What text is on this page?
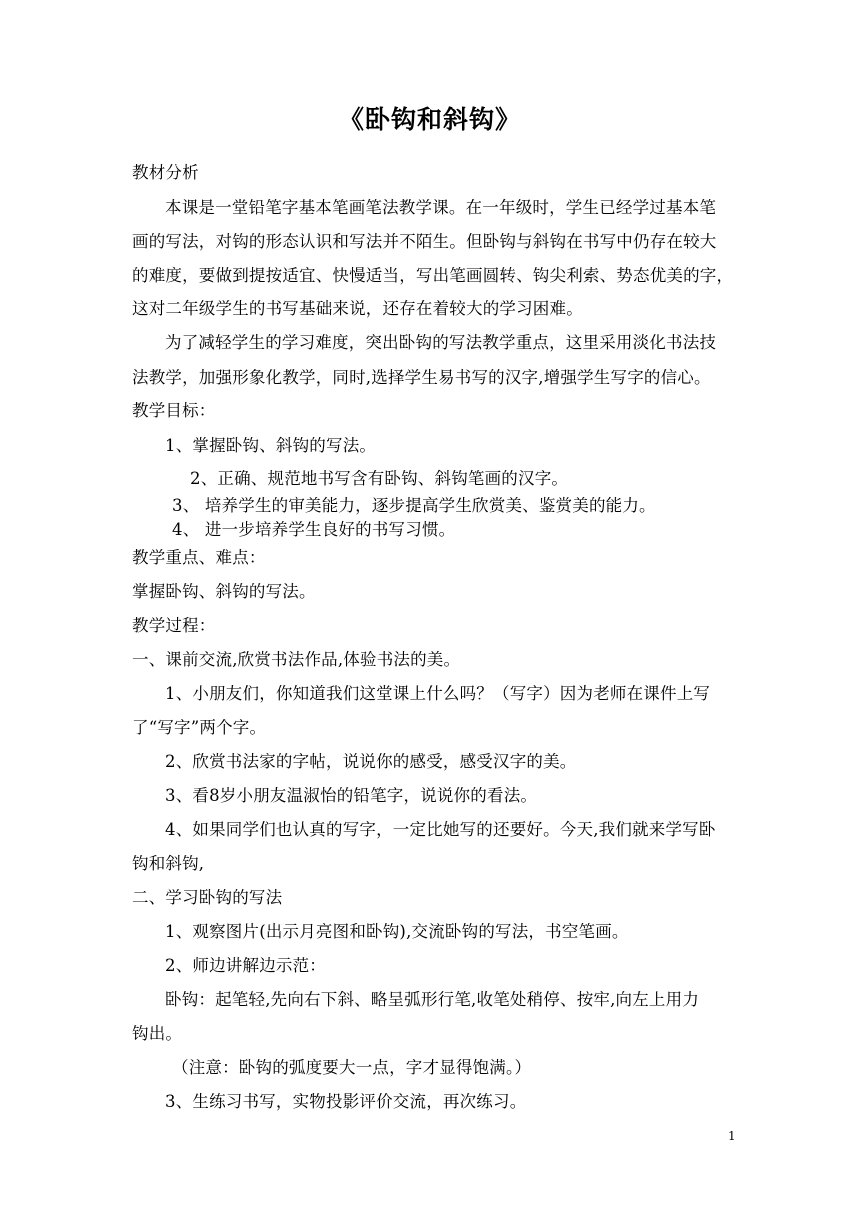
《卧钩和斜钩》
教材分析
本课是一堂铅笔字基本笔画笔法教学课。在一年级时，学生已经学过基本笔
画的写法，对钩的形态认识和写法并不陌生。但卧钩与斜钩在书写中仍存在较大
的难度，要做到提按适宜、快慢适当，写出笔画圆转、钩尖利索、势态优美的字，
这对二年级学生的书写基础来说，还存在着较大的学习困难。
为了减轻学生的学习难度，突出卧钩的写法教学重点，这里采用淡化书法技
法教学，加强形象化教学，同时,选择学生易书写的汉字,增强学生写字的信心。
教学目标：
1、掌握卧钩、斜钩的写法。
2、正确、规范地书写含有卧钩、斜钩笔画的汉字。
3、 培养学生的审美能力，逐步提高学生欣赏美、鉴赏美的能力。
4、 进一步培养学生良好的书写习惯。
教学重点、难点：
掌握卧钩、斜钩的写法。
教学过程：
一、课前交流,欣赏书法作品,体验书法的美。
1、小朋友们，你知道我们这堂课上什么吗？（写字）因为老师在课件上写
了“写字”两个字。
2、欣赏书法家的字帖，说说你的感受，感受汉字的美。
3、看8岁小朋友温淑怡的铅笔字，说说你的看法。
4、如果同学们也认真的写字，一定比她写的还要好。今天,我们就来学写卧
钩和斜钩,
二、学习卧钩的写法
1、观察图片(出示月亮图和卧钩),交流卧钩的写法，书空笔画。
2、师边讲解边示范：
卧钩：起笔轻,先向右下斜、略呈弧形行笔,收笔处稍停、按牢,向左上用力
钩出。
（注意：卧钩的弧度要大一点，字才显得饱满。）
3、生练习书写，实物投影评价交流，再次练习。
1
